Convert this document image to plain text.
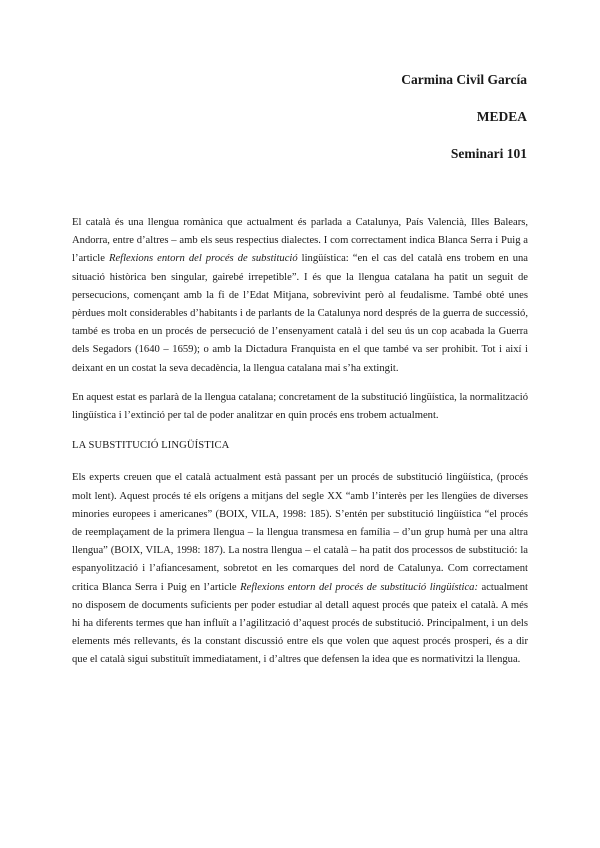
Carmina Civil García
MEDEA
Seminari 101

El català és una llengua romànica que actualment és parlada a Catalunya, País Valencià, Illes Balears, Andorra, entre d’altres – amb els seus respectius dialectes. I com correctament indica Blanca Serra i Puig a l’article Reflexions entorn del procés de substitució lingüística: “en el cas del català ens trobem en una situació històrica ben singular, gairebé irrepetible”. I és que la llengua catalana ha patit un seguit de persecucions, començant amb la fi de l’Edat Mitjana, sobrevivint però al feudalisme. També obté unes pèrdues molt considerables d’habitants i de parlants de la Catalunya nord després de la guerra de successió, també es troba en un procés de persecució de l’ensenyament català i del seu ús un cop acabada la Guerra dels Segadors (1640 – 1659); o amb la Dictadura Franquista en el que també va ser prohibit. Tot i així i deixant en un costat la seva decadència, la llengua catalana mai s’ha extingit.

En aquest estat es parlarà de la llengua catalana; concretament de la substitució lingüística, la normalització lingüística i l’extinció per tal de poder analitzar en quin procés ens trobem actualment.

LA SUBSTITUCIÓ LINGÜÍSTICA

Els experts creuen que el català actualment està passant per un procés de substitució lingüística, (procés molt lent). Aquest procés té els orígens a mitjans del segle XX “amb l’interès per les llengües de diverses minories europees i americanes” (BOIX, VILA, 1998: 185). S’entén per substitució lingüística “el procés de reemplaçament de la primera llengua – la llengua transmesa en família – d’un grup humà per una altra llengua” (BOIX, VILA, 1998: 187). La nostra llengua – el català – ha patit dos processos de substitució: la espanyolització i l’afiancesament, sobretot en les comarques del nord de Catalunya. Com correctament critica Blanca Serra i Puig en l’article Reflexions entorn del procés de substitució lingüística: actualment no disposem de documents suficients per poder estudiar al detall aquest procés que pateix el català. A més hi ha diferents termes que han influït a l’agilització d’aquest procés de substitució. Principalment, i un dels elements més rellevants, és la constant discussió entre els que volen que aquest procés prosperi, és a dir que el català sigui substituït immediatament, i d’altres que defensen la idea que es normativitzi la llengua.
